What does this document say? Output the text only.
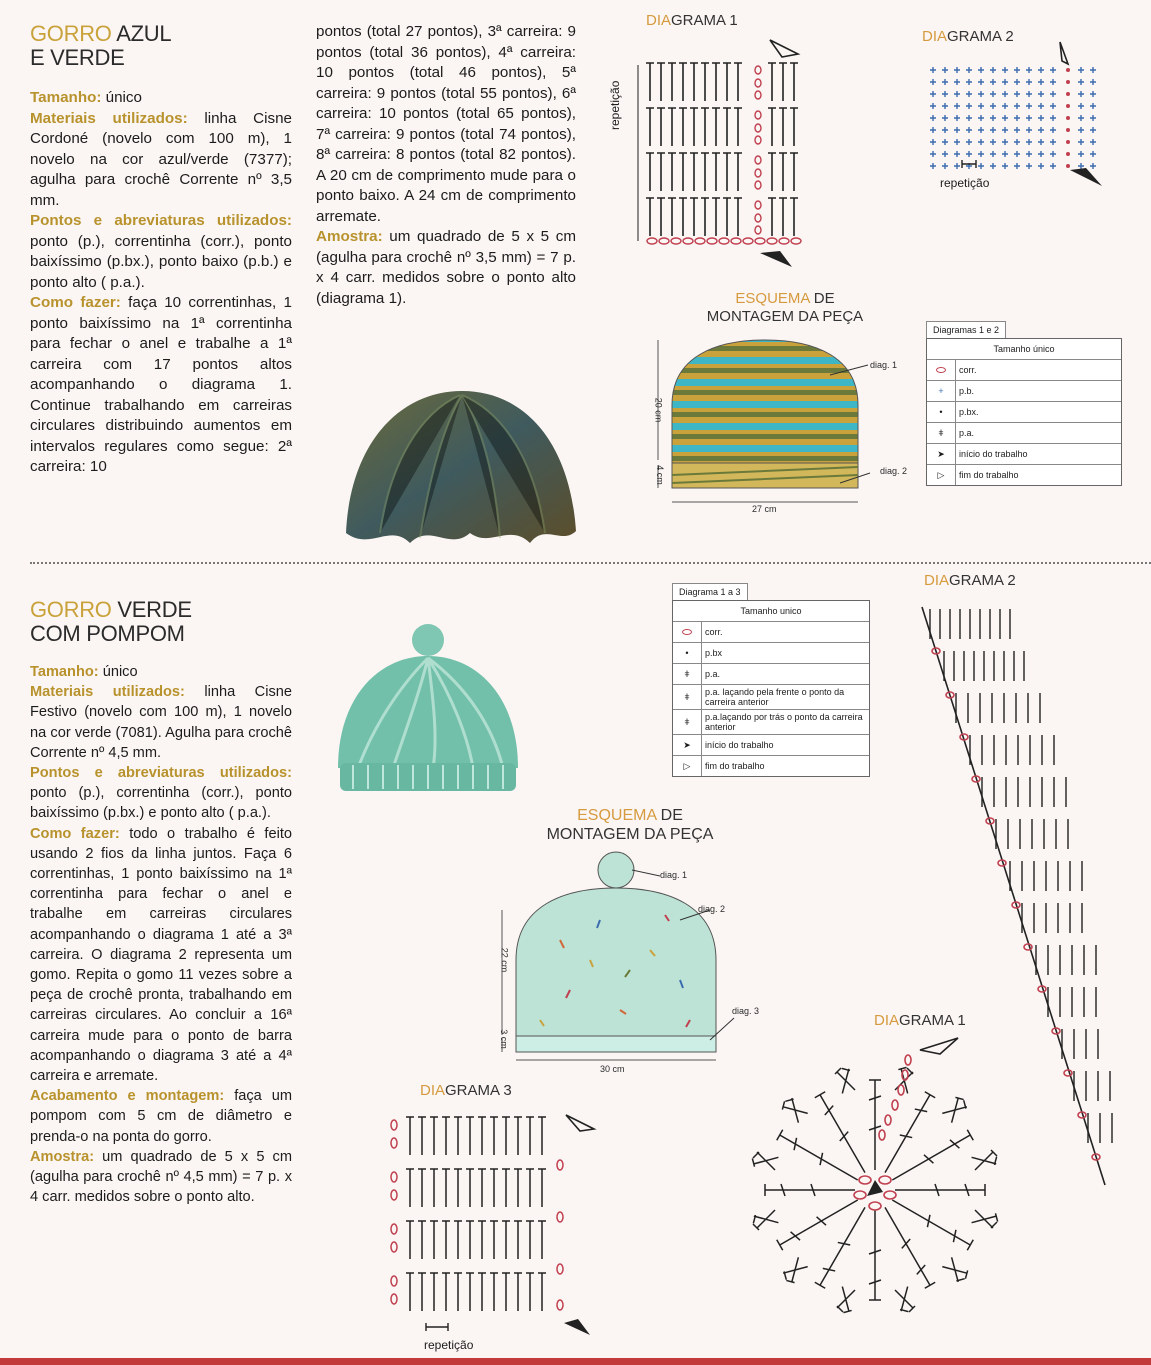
GORRO AZUL
E VERDE
Tamanho: único
Materiais utilizados: linha Cisne Cordoné (novelo com 100 m), 1 novelo na cor azul/verde (7377); agulha para crochê Corrente nº 3,5 mm.
Pontos e abreviaturas utilizados: ponto (p.), correntinha (corr.), ponto baixíssimo (p.bx.), ponto baixo (p.b.) e ponto alto ( p.a.).
Como fazer: faça 10 correntinhas, 1 ponto baixíssimo na 1ª correntinha para fechar o anel e trabalhe a 1ª carreira com 17 pontos altos acompanhando o diagrama 1. Continue trabalhando em carreiras circulares distribuindo aumentos em intervalos regulares como segue: 2ª carreira: 10
pontos (total 27 pontos), 3ª carreira: 9 pontos (total 36 pontos), 4ª carreira: 10 pontos (total 46 pontos), 5ª carreira: 9 pontos (total 55 pontos), 6ª carreira: 10 pontos (total 65 pontos), 7ª carreira: 9 pontos (total 74 pontos), 8ª carreira: 8 pontos (total 82 pontos). A 20 cm de comprimento mude para o ponto baixo. A 24 cm de comprimento arremate.
Amostra: um quadrado de 5 x 5 cm (agulha para crochê nº 3,5 mm) = 7 p. x 4 carr. medidos sobre o ponto alto (diagrama 1).
DIAGRAMA 1
repetição
DIAGRAMA 2
repetição
ESQUEMA DE
MONTAGEM DA PEÇA
20 cm
4 cm
27 cm
diag. 1
diag. 2
Diagramas 1 e 2
Tamanho único	
	corr.
+	p.b.
•	p.bx.
ǂ	p.a.
➤	início do trabalho
▷	fim do trabalho
GORRO VERDE
COM POMPOM
Tamanho: único
Materiais utilizados: linha Cisne Festivo (novelo com 100 m), 1 novelo na cor verde (7081). Agulha para crochê Corrente nº 4,5 mm.
Pontos e abreviaturas utilizados: ponto (p.), correntinha (corr.), ponto baixíssimo (p.bx.) e ponto alto ( p.a.).
Como fazer: todo o trabalho é feito usando 2 fios da linha juntos. Faça 6 correntinhas, 1 ponto baixíssimo na 1ª correntinha para fechar o anel e trabalhe em carreiras circulares acompanhando o diagrama 1 até a 3ª carreira. O diagrama 2 representa um gomo. Repita o gomo 11 vezes sobre a peça de crochê pronta, trabalhando em carreiras circulares. Ao concluir a 16ª carreira mude para o ponto de barra acompanhando o diagrama 3 até a 4ª carreira e arremate.
Acabamento e montagem: faça um pompom com 5 cm de diâmetro e prenda-o na ponta do gorro.
Amostra: um quadrado de 5 x 5 cm (agulha para crochê nº 4,5 mm) = 7 p. x 4 carr. medidos sobre o ponto alto.
Diagrama 1 a 3
Tamanho unico	
	corr.
•	p.bx
ǂ	p.a.
ǂ	p.a. laçando pela frente o ponto da carreira anterior
ǂ	p.a.laçando por trás o ponto da carreira anterior
➤	início do trabalho
▷	fim do trabalho
DIAGRAMA 2
ESQUEMA DE
MONTAGEM DA PEÇA
22 cm
3 cm
30 cm
diag. 1
diag. 2
diag. 3
DIAGRAMA 1
DIAGRAMA 3
repetição
